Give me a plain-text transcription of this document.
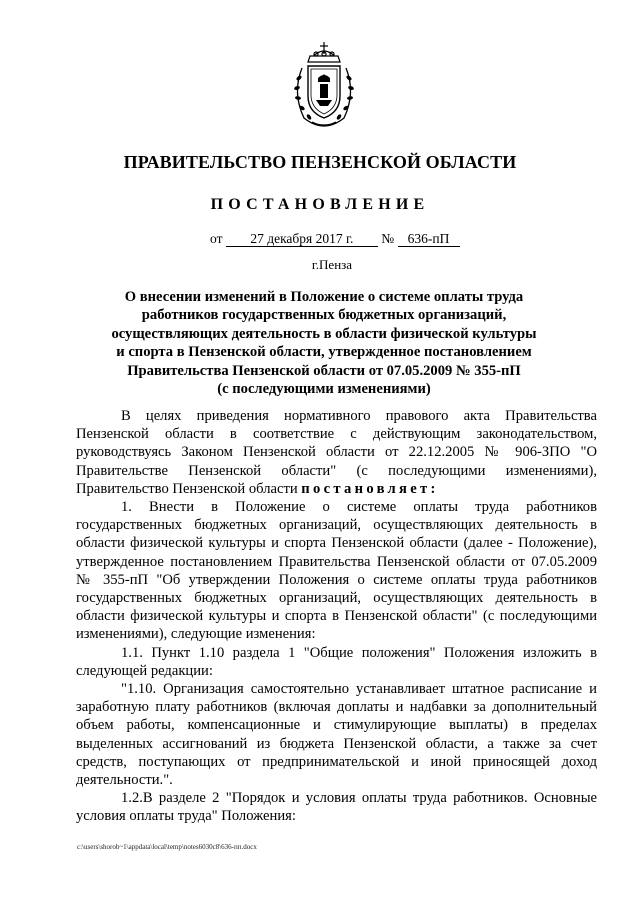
ПРАВИТЕЛЬСТВО ПЕНЗЕНСКОЙ ОБЛАСТИ
ПОСТАНОВЛЕНИЕ
от 27 декабря 2017 г. № 636-пП
г.Пенза
О внесении изменений в Положение о системе оплаты труда
работников государственных бюджетных организаций,
осуществляющих деятельность в области физической культуры
и спорта в Пензенской области, утвержденное постановлением
Правительства Пензенской области от 07.05.2009 № 355-пП
(с последующими изменениями)

В целях приведения нормативного правового акта Правительства Пензенской области в соответствие с действующим законодательством, руководствуясь Законом Пензенской области от 22.12.2005 № 906-ЗПО "О Правительстве Пензенской области" (с последующими изменениями), Правительство Пензенской области постановляет:

1. Внести в Положение о системе оплаты труда работников государственных бюджетных организаций, осуществляющих деятельность в области физической культуры и спорта Пензенской области (далее - Положение), утвержденное постановлением Правительства Пензенской области от 07.05.2009 № 355-пП "Об утверждении Положения о системе оплаты труда работников государственных бюджетных организаций, осуществляющих деятельность в области физической культуры и спорта в Пензенской области" (с последующими изменениями), следующие изменения:

1.1. Пункт 1.10 раздела 1 "Общие положения" Положения изложить в следующей редакции:

"1.10. Организация самостоятельно устанавливает штатное расписание и заработную плату работников (включая доплаты и надбавки за дополнительный объем работы, компенсационные и стимулирующие выплаты) в пределах выделенных ассигнований из бюджета Пензенской области, а также за счет средств, поступающих от предпринимательской и иной приносящей доход деятельности.".

1.2.В разделе 2 "Порядок и условия оплаты труда работников. Основные условия оплаты труда" Положения:

c:\users\shorob~1\appdata\local\temp\notes6030c8\636-пп.docx
